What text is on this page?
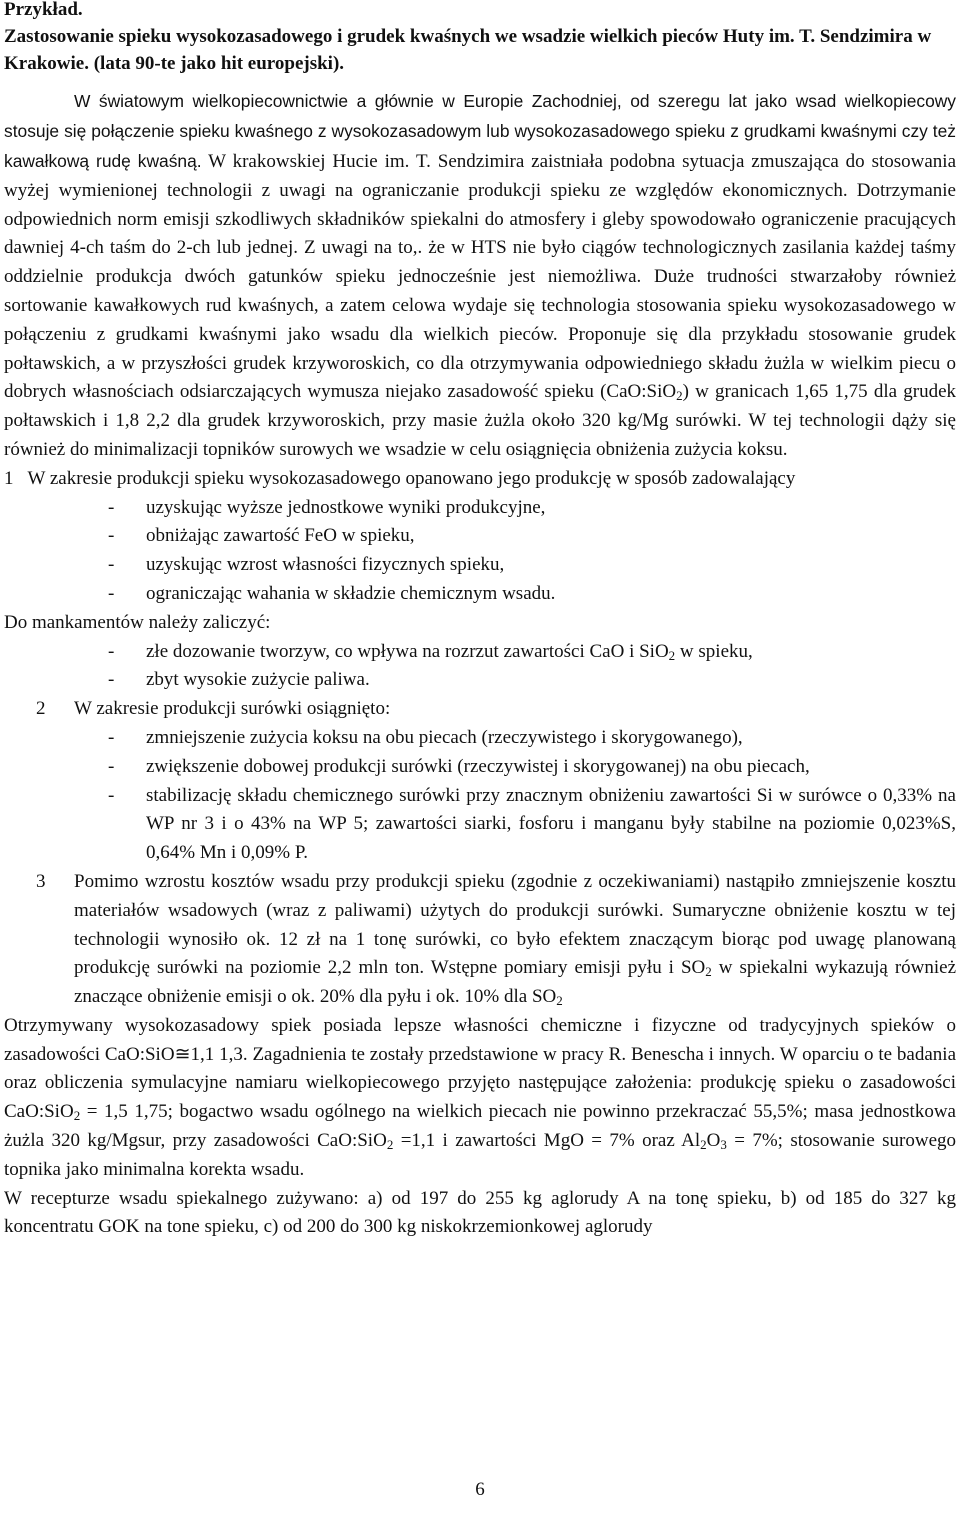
Przykład.
Zastosowanie spieku wysokozasadowego i grudek kwaśnych we wsadzie wielkich pieców Huty im. T. Sendzimira w Krakowie. (lata 90-te jako hit europejski).

W światowym wielkopiecownictwie a głównie w Europie Zachodniej, od szeregu lat jako wsad wielkopiecowy stosuje się połączenie spieku kwaśnego z wysokozasadowym lub wysokozasadowego spieku z grudkami kwaśnymi czy też kawałkową rudę kwaśną. W krakowskiej Hucie im. T. Sendzimira zaistniała podobna sytuacja zmuszająca do stosowania wyżej wymienionej technologii z uwagi na ograniczanie produkcji spieku ze względów ekonomicznych. Dotrzymanie odpowiednich norm emisji szkodliwych składników spiekalni do atmosfery i gleby spowodowało ograniczenie pracujących dawniej 4-ch taśm do 2-ch lub jednej. Z uwagi na to,. że w HTS nie było ciągów technologicznych zasilania każdej taśmy oddzielnie produkcja dwóch gatunków spieku jednocześnie jest niemożliwa. Duże trudności stwarzałoby również sortowanie kawałkowych rud kwaśnych, a zatem celowa wydaje się technologia stosowania spieku wysokozasadowego w połączeniu z grudkami kwaśnymi jako wsadu dla wielkich pieców. Proponuje się dla przykładu stosowanie grudek połtawskich, a w przyszłości grudek krzyworoskich, co dla otrzymywania odpowiedniego składu żużla w wielkim piecu o dobrych własnościach odsiarczających wymusza niejako zasadowość spieku (CaO:SiO$_2$) w granicach 1,65 1,75 dla grudek połtawskich i 1,8 2,2 dla grudek krzyworoskich, przy masie żużla około 320 kg/Mg surówki. W tej technologii dąży się również do minimalizacji topników surowych we wsadzie w celu osiągnięcia obniżenia zużycia koksu.

1 W zakresie produkcji spieku wysokozasadowego opanowano jego produkcję w sposób zadowalający

- uzyskując wyższe jednostkowe wyniki produkcyjne,
- obniżając zawartość FeO w spieku,
- uzyskując wzrost własności fizycznych spieku,
- ograniczając wahania w składzie chemicznym wsadu.

Do mankamentów należy zaliczyć:

- złe dozowanie tworzyw, co wpływa na rozrzut zawartości CaO i SiO$_2$ w spieku,
- zbyt wysokie zużycie paliwa.
2 W zakresie produkcji surówki osiągnięto:
- zmniejszenie zużycia koksu na obu piecach (rzeczywistego i skorygowanego),
- zwiększenie dobowej produkcji surówki (rzeczywistej i skorygowanej) na obu piecach,
- stabilizację składu chemicznego surówki przy znacznym obniżeniu zawartości Si w surówce o 0,33% na WP nr 3 i o 43% na WP 5; zawartości siarki, fosforu i manganu były stabilne na poziomie 0,023%S, 0,64% Mn i 0,09% P.
3 Pomimo wzrostu kosztów wsadu przy produkcji spieku (zgodnie z oczekiwaniami) nastąpiło zmniejszenie kosztu materiałów wsadowych (wraz z paliwami) użytych do produkcji surówki. Sumaryczne obniżenie kosztu w tej technologii wynosiło ok. 12 zł na 1 tonę surówki, co było efektem znaczącym biorąc pod uwagę planowaną produkcję surówki na poziomie 2,2 mln ton. Wstępne pomiary emisji pyłu i $SO_2$ w spiekalni wykazują również znaczące obniżenie emisji o ok. 20% dla pyłu i ok. 10% dla $SO_2$

Otrzymywany wysokozasadowy spiek posiada lepsze własności chemiczne i fizyczne od tradycyjnych spieków o zasadowości CaO:SiO≅1,1 1,3. Zagadnienia te zostały przedstawione w pracy R. Benescha i innych. W oparciu o te badania oraz obliczenia symulacyjne namiaru wielkopiecowego przyjęto następujące założenia: produkcję spieku o zasadowości CaO:SiO$_2$ = 1,5 1,75; bogactwo wsadu ogólnego na wielkich piecach nie powinno przekraczać 55,5%; masa jednostkowa żużla 320 kg/Mgsur, przy zasadowości CaO:SiO$_2$ =1,1 i zawartości MgO = 7% oraz $Al_2O_3 = 7\%$; stosowanie surowego topnika jako minimalna korekta wsadu.

W recepturze wsadu spiekalnego zużywano: a) od 197 do 255 kg aglorudy A na tonę spieku, b) od 185 do 327 kg koncentratu GOK na tone spieku, c) od 200 do 300 kg niskokrzemionkowej aglorudy

6
